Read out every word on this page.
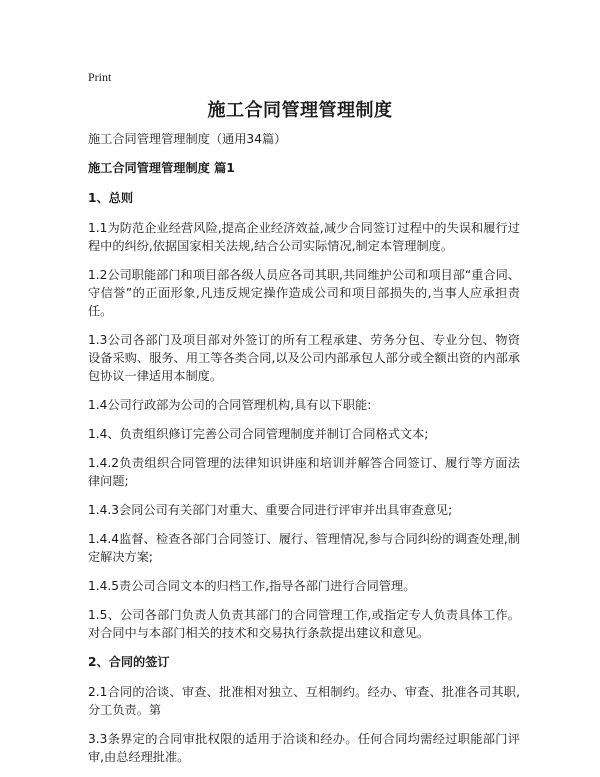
Print
施工合同管理管理制度

施工合同管理管理制度（通用34篇）

施工合同管理管理制度 篇1

1、总则

1.1为防范企业经营风险,提高企业经济效益,减少合同签订过程中的失误和履行过程中的纠纷,依据国家相关法规,结合公司实际情况,制定本管理制度。

1.2公司职能部门和项目部各级人员应各司其职,共同维护公司和项目部“重合同、守信誉”的正面形象,凡违反规定操作造成公司和项目部损失的,当事人应承担责任。

1.3公司各部门及项目部对外签订的所有工程承建、劳务分包、专业分包、物资设备采购、服务、用工等各类合同,以及公司内部承包人部分或全额出资的内部承包协议一律适用本制度。

1.4公司行政部为公司的合同管理机构,具有以下职能:

1.4、负责组织修订完善公司合同管理制度并制订合同格式文本;

1.4.2负责组织合同管理的法律知识讲座和培训并解答合同签订、履行等方面法律问题;

1.4.3会同公司有关部门对重大、重要合同进行评审并出具审查意见;

1.4.4监督、检查各部门合同签订、履行、管理情况,参与合同纠纷的调查处理,制定解决方案;

1.4.5责公司合同文本的归档工作,指导各部门进行合同管理。

1.5、公司各部门负责人负责其部门的合同管理工作,或指定专人负责具体工作。对合同中与本部门相关的技术和交易执行条款提出建议和意见。

2、合同的签订

2.1合同的洽谈、审查、批准相对独立、互相制约。经办、审查、批准各司其职,分工负责。第

3.3条界定的合同审批权限的适用于洽谈和经办。任何合同均需经过职能部门评审,由总经理批准。
